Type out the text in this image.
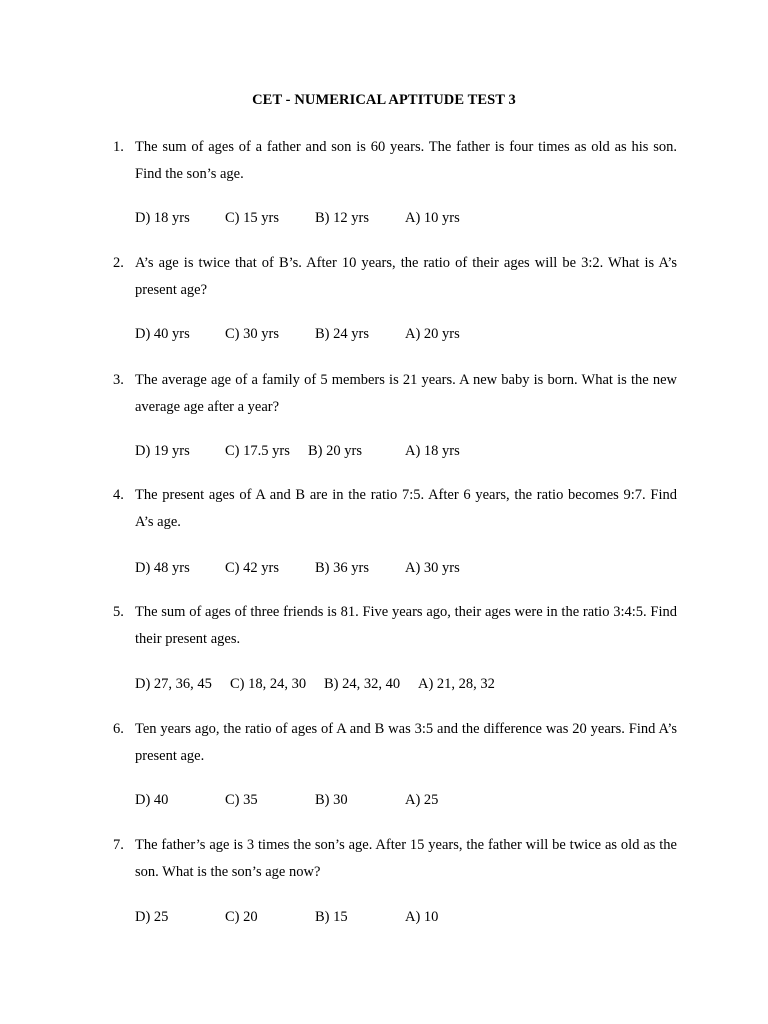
CET - NUMERICAL APTITUDE TEST 3
1. The sum of ages of a father and son is 60 years. The father is four times as old as his son. Find the son’s age.
D) 18 yrs C) 15 yrs B) 12 yrs A) 10 yrs
2. A’s age is twice that of B’s. After 10 years, the ratio of their ages will be 3:2. What is A’s present age?
D) 40 yrs C) 30 yrs B) 24 yrs A) 20 yrs
3. The average age of a family of 5 members is 21 years. A new baby is born. What is the new average age after a year?
D) 19 yrs C) 17.5 yrs B) 20 yrs	A) 18 yrs
4. The present ages of A and B are in the ratio 7:5. After 6 years, the ratio becomes 9:7. Find A’s age.
D) 48 yrs C) 42 yrs B) 36 yrs A) 30 yrs
5. The sum of ages of three friends is 81. Five years ago, their ages were in the ratio 3:4:5. Find their present ages.
D) 27, 36, 45 C) 18, 24, 30 B) 24, 32, 40 A) 21, 28, 32
6. Ten years ago, the ratio of ages of A and B was 3:5 and the difference was 20 years. Find A’s present age.
D) 40	C) 35	B) 30	A) 25
7. The father’s age is 3 times the son’s age. After 15 years, the father will be twice as old as the son. What is the son’s age now?
D) 25	C) 20	B) 15	A) 10
